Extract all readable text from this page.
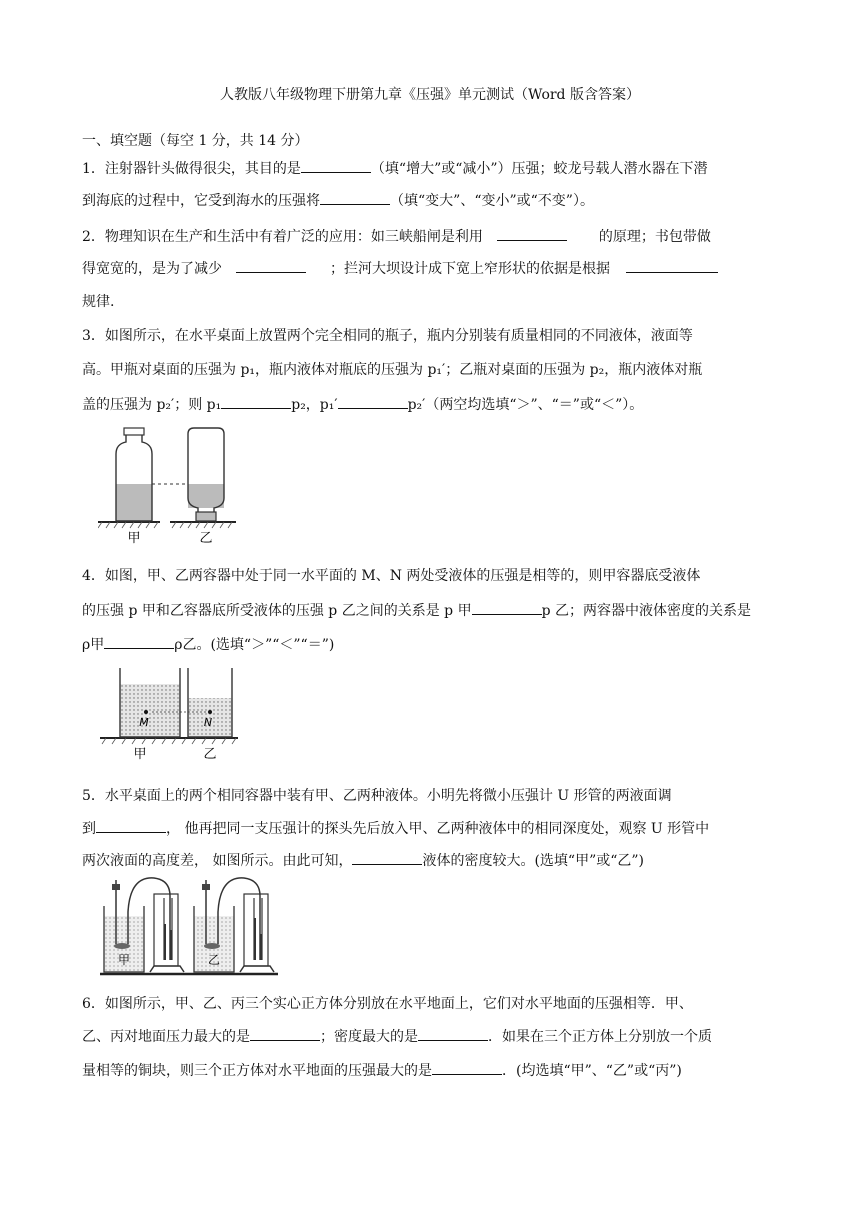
人教版八年级物理下册第九章《压强》单元测试（Word 版含答案）
一、填空题（每空 1 分，共 14 分）
1．注射器针头做得很尖，其目的是	（填“增大”或“减小”）压强；蛟龙号载人潜水器在下潜
到海底的过程中，它受到海水的压强将	（填“变大”、“变小”或“不变”）。
2．物理知识在生产和生活中有着广泛的应用：如三峡船闸是利用	的原理；书包带做
得宽宽的，是为了减少	；拦河大坝设计成下宽上窄形状的依据是根据
规律.
3．如图所示，在水平桌面上放置两个完全相同的瓶子，瓶内分别装有质量相同的不同液体，液面等
高。甲瓶对桌面的压强为 p₁，瓶内液体对瓶底的压强为 p₁′；乙瓶对桌面的压强为 p₂，瓶内液体对瓶
盖的压强为 p₂′；则 p₁	p₂，p₁′	p₂′（两空均选填“＞”、“＝”或“＜”）。
甲	乙
4．如图，甲、乙两容器中处于同一水平面的 M、N 两处受液体的压强是相等的，则甲容器底受液体
的压强 p 甲和乙容器底所受液体的压强 p 乙之间的关系是 p 甲	p 乙；两容器中液体密度的关系是
ρ甲	ρ乙。(选填“＞”“＜”“＝”)
M	N
甲	乙
5．水平桌面上的两个相同容器中装有甲、乙两种液体。小明先将微小压强计 U 形管的两液面调
到	， 他再把同一支压强计的探头先后放入甲、乙两种液体中的相同深度处，观察 U 形管中
两次液面的高度差， 如图所示。由此可知，	液体的密度较大。(选填“甲”或“乙”)
甲	乙
6．如图所示，甲、乙、丙三个实心正方体分别放在水平地面上，它们对水平地面的压强相等．甲、
乙、丙对地面压力最大的是	；密度最大的是	．如果在三个正方体上分别放一个质
量相等的铜块，则三个正方体对水平地面的压强最大的是	．(均选填“甲”、“乙”或“丙”)
